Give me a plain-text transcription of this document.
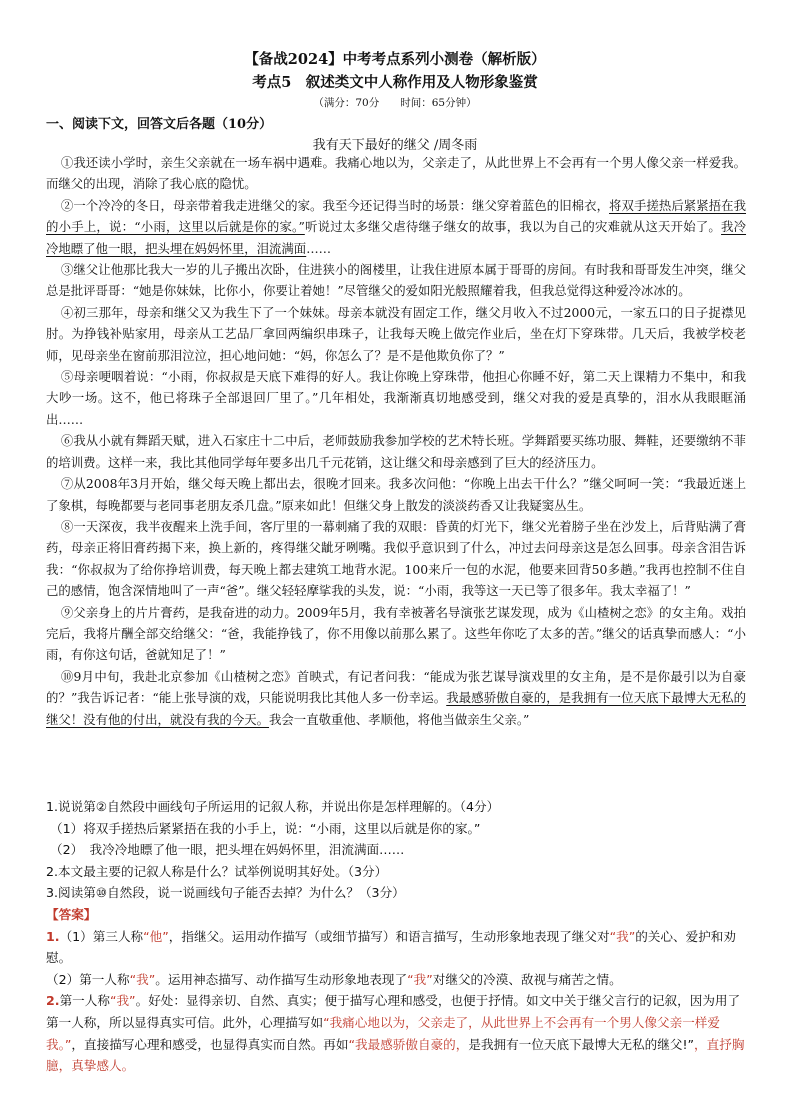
【备战2024】中考考点系列小测卷（解析版）
考点5　叙述类文中人称作用及人物形象鉴赏
（满分：70分　　时间：65分钟）
一、阅读下文，回答文后各题（10分）
我有天下最好的继父 /周冬雨

①我还读小学时，亲生父亲就在一场车祸中遇难。我痛心地以为，父亲走了，从此世界上不会再有一个男人像父亲一样爱我。而继父的出现，消除了我心底的隐忧。

②一个冷冷的冬日，母亲带着我走进继父的家。我至今还记得当时的场景：继父穿着蓝色的旧棉衣，将双手搓热后紧紧捂在我的小手上，说：“小雨，这里以后就是你的家。”听说过太多继父虐待继子继女的故事，我以为自己的灾难就从这天开始了。我冷冷地瞟了他一眼，把头埋在妈妈怀里，泪流满面……

③继父让他那比我大一岁的儿子搬出次卧，住进狭小的阁楼里，让我住进原本属于哥哥的房间。有时我和哥哥发生冲突，继父总是批评哥哥：“她是你妹妹，比你小，你要让着她！”尽管继父的爱如阳光般照耀着我，但我总觉得这种爱冷冰冰的。

④初三那年，母亲和继父又为我生下了一个妹妹。母亲本就没有固定工作，继父月收入不过2000元，一家五口的日子捉襟见肘。为挣钱补贴家用，母亲从工艺品厂拿回两编织串珠子，让我每天晚上做完作业后，坐在灯下穿珠带。几天后，我被学校老师，见母亲坐在窗前那泪泣泣，担心地问她：“妈，你怎么了？是不是他欺负你了？”

⑤母亲哽咽着说：“小雨，你叔叔是天底下难得的好人。我让你晚上穿珠带，他担心你睡不好，第二天上课精力不集中，和我大吵一场。这不，他已将珠子全部退回厂里了。”几年相处，我渐渐真切地感受到，继父对我的爱是真挚的，泪水从我眼眶涌出……

⑥我从小就有舞蹈天赋，进入石家庄十二中后，老师鼓励我参加学校的艺术特长班。学舞蹈要买练功服、舞鞋，还要缴纳不菲的培训费。这样一来，我比其他同学每年要多出几千元花销，这让继父和母亲感到了巨大的经济压力。

⑦从2008年3月开始，继父每天晚上都出去，很晚才回来。我多次问他：“你晚上出去干什么？”继父呵呵一笑：“我最近迷上了象棋，每晚都要与老同事老朋友杀几盘。”原来如此！但继父身上散发的淡淡药香又让我疑窦丛生。

⑧一天深夜，我半夜醒来上洗手间，客厅里的一幕刺痛了我的双眼：昏黄的灯光下，继父光着膀子坐在沙发上，后背贴满了膏药，母亲正将旧膏药揭下来，换上新的，疼得继父龇牙咧嘴。我似乎意识到了什么，冲过去问母亲这是怎么回事。母亲含泪告诉我：“你叔叔为了给你挣培训费，每天晚上都去建筑工地背水泥。100来斤一包的水泥，他要来回背50多趟。”我再也控制不住自己的感情，饱含深情地叫了一声“爸”。继父轻轻摩挲我的头发，说：“小雨，我等这一天已等了很多年。我太幸福了！”

⑨父亲身上的片片膏药，是我奋进的动力。2009年5月，我有幸被著名导演张艺谋发现，成为《山楂树之恋》的女主角。戏拍完后，我将片酬全部交给继父：“爸，我能挣钱了，你不用像以前那么累了。这些年你吃了太多的苦。”继父的话真挚而感人：“小雨，有你这句话，爸就知足了！”

⑩9月中旬，我赴北京参加《山楂树之恋》首映式，有记者问我：“能成为张艺谋导演戏里的女主角，是不是你最引以为自豪的？”我告诉记者：“能上张导演的戏，只能说明我比其他人多一份幸运。我最感骄傲自豪的，是我拥有一位天底下最博大无私的继父！没有他的付出，就没有我的今天。我会一直敬重他、孝顺他，将他当做亲生父亲。”

1.说说第②自然段中画线句子所运用的记叙人称，并说出你是怎样理解的。（4分）

（1）将双手搓热后紧紧捂在我的小手上，说：“小雨，这里以后就是你的家。”

（2）　我冷冷地瞟了他一眼，把头埋在妈妈怀里，泪流满面……

2.本文最主要的记叙人称是什么？试举例说明其好处。（3分）

3.阅读第⑩自然段，说一说画线句子能否去掉？为什么？（3分）

【答案】

1.（1）第三人称“他”，指继父。运用动作描写（或细节描写）和语言描写，生动形象地表现了继父对“我”的关心、爱护和劝慰。

（2）第一人称“我”。运用神态描写、动作描写生动形象地表现了“我”对继父的冷漠、敌视与痛苦之情。

2.第一人称“我”。好处：显得亲切、自然、真实；便于描写心理和感受，也便于抒情。如文中关于继父言行的记叙，因为用了第一人称，所以显得真实可信。此外，心理描写如“我痛心地以为，父亲走了，从此世界上不会再有一个男人像父亲一样爱我。”，直接描写心理和感受，也显得真实而自然。再如“我最感骄傲自豪的，是我拥有一位天底下最博大无私的继父!”，直抒胸臆，真挚感人。
